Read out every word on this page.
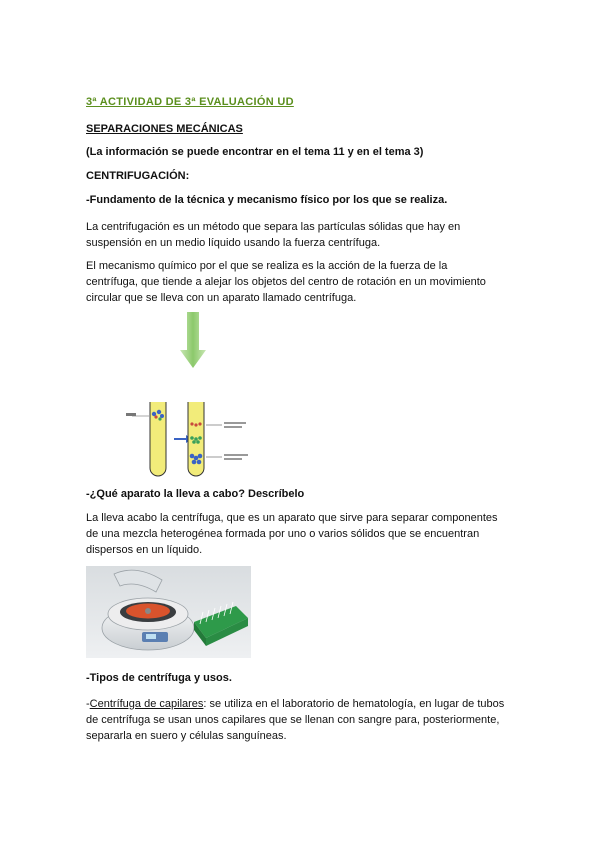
3ª ACTIVIDAD DE 3ª EVALUACIÓN UD
SEPARACIONES MECÁNICAS
(La información se puede encontrar en el tema 11 y en el tema 3)
CENTRIFUGACIÓN:
-Fundamento de la técnica y mecanismo físico por los que se realiza.
La centrifugación es un método que separa las partículas sólidas que hay en
suspensión en un medio líquido usando la fuerza centrífuga.
El mecanismo químico por el que se realiza es la acción de la fuerza de la
centrífuga, que tiende a alejar los objetos del centro de rotación en un movimiento
circular que se lleva con un aparato llamado centrífuga.
-¿Qué aparato la lleva a cabo? Descríbelo
La lleva acabo la centrífuga, que es un aparato que sirve para separar componentes
de una mezcla heterogénea formada por uno o varios sólidos que se encuentran
dispersos en un líquido.
-Tipos de centrífuga y usos.
-Centrífuga de capilares: se utiliza en el laboratorio de hematología, en lugar de tubos
de centrífuga se usan unos capilares que se llenan con sangre para, posteriormente,
separarla en suero y células sanguíneas.
